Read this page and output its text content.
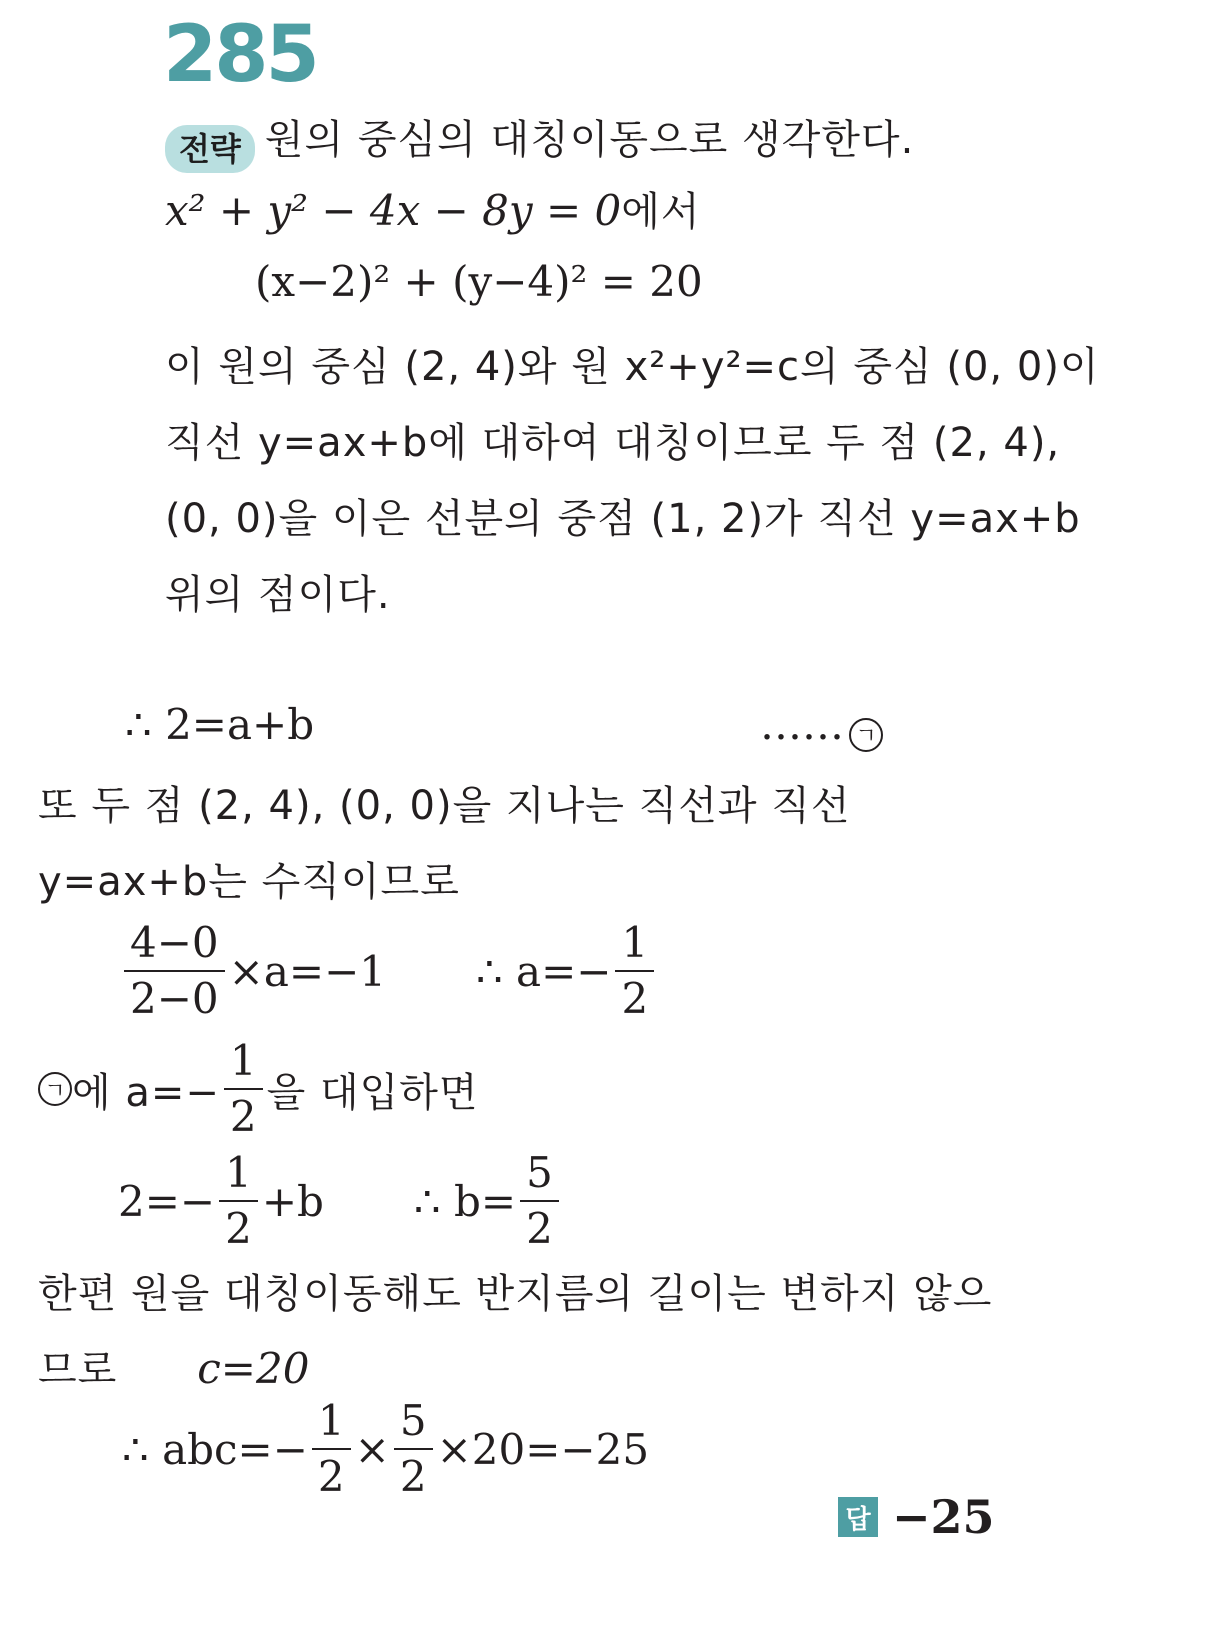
285
전략 원의 중심의 대칭이동으로 생각한다.
x² + y² − 4x − 8y = 0에서
(x−2)² + (y−4)² = 20
이 원의 중심 (2, 4)와 원 x²+y²=c의 중심 (0, 0)이
직선 y=ax+b에 대하여 대칭이므로 두 점 (2, 4),
(0, 0)을 이은 선분의 중점 (1, 2)가 직선 y=ax+b
위의 점이다.
∴ 2=a+b	…… ㄱ
또 두 점 (2, 4), (0, 0)을 지나는 직선과 직선
y=ax+b는 수직이므로
$\frac{4-0}{2-0} \times a=-1$ ∴ $a=- \frac{1}{2}$
ㄱ 에 $a=- \frac{1}{2}$ 을 대입하면
$2=- \frac{1}{2} +b$ ∴ $b= \frac{5}{2}$
한편 원을 대칭이동해도 반지름의 길이는 변하지 않으
므로 c=20
∴ $abc=- \frac{1}{2} \times \frac{5}{2} \times 20=-25$
답 −25
